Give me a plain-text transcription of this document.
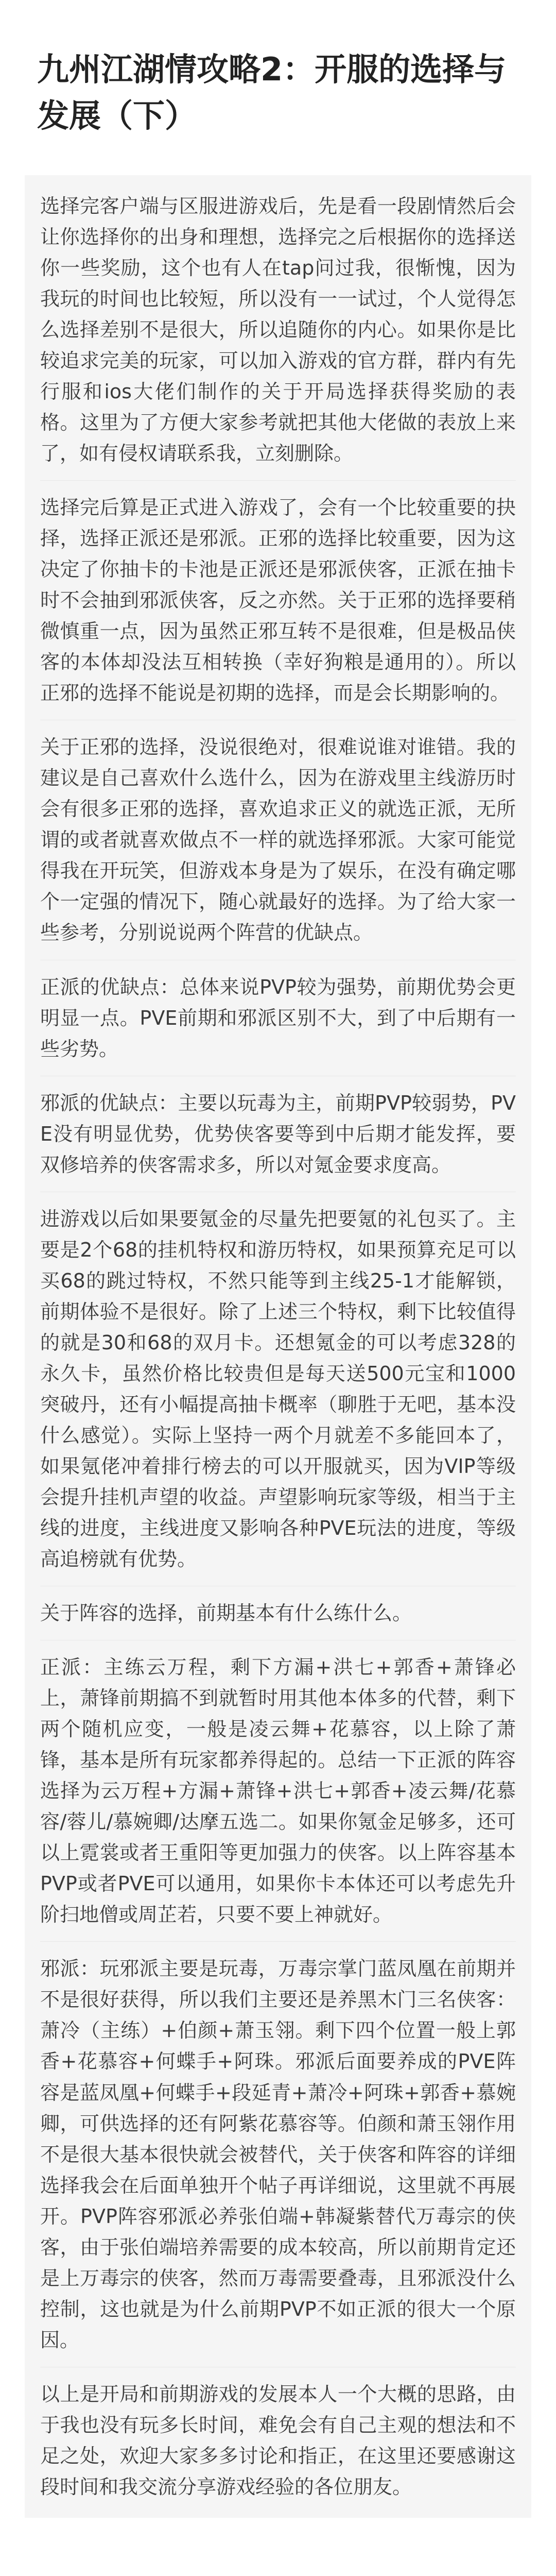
九州江湖情攻略2：开服的选择与发展（下）

选择完客户端与区服进游戏后，先是看一段剧情然后会让你选择你的出身和理想，选择完之后根据你的选择送你一些奖励，这个也有人在tap问过我，很惭愧，因为我玩的时间也比较短，所以没有一一试过，个人觉得怎么选择差别不是很大，所以追随你的内心。如果你是比较追求完美的玩家，可以加入游戏的官方群，群内有先行服和ios大佬们制作的关于开局选择获得奖励的表格。这里为了方便大家参考就把其他大佬做的表放上来了，如有侵权请联系我，立刻删除。

选择完后算是正式进入游戏了，会有一个比较重要的抉择，选择正派还是邪派。正邪的选择比较重要，因为这决定了你抽卡的卡池是正派还是邪派侠客，正派在抽卡时不会抽到邪派侠客，反之亦然。关于正邪的选择要稍微慎重一点，因为虽然正邪互转不是很难，但是极品侠客的本体却没法互相转换（幸好狗粮是通用的）。所以正邪的选择不能说是初期的选择，而是会长期影响的。

关于正邪的选择，没说很绝对，很难说谁对谁错。我的建议是自己喜欢什么选什么，因为在游戏里主线游历时会有很多正邪的选择，喜欢追求正义的就选正派，无所谓的或者就喜欢做点不一样的就选择邪派。大家可能觉得我在开玩笑，但游戏本身是为了娱乐，在没有确定哪个一定强的情况下，随心就最好的选择。为了给大家一些参考，分别说说两个阵营的优缺点。

正派的优缺点：总体来说PVP较为强势，前期优势会更明显一点。PVE前期和邪派区别不大，到了中后期有一些劣势。

邪派的优缺点：主要以玩毒为主，前期PVP较弱势，PVE没有明显优势，优势侠客要等到中后期才能发挥，要双修培养的侠客需求多，所以对氪金要求度高。

进游戏以后如果要氪金的尽量先把要氪的礼包买了。主要是2个68的挂机特权和游历特权，如果预算充足可以买68的跳过特权，不然只能等到主线25-1才能解锁，前期体验不是很好。除了上述三个特权，剩下比较值得的就是30和68的双月卡。还想氪金的可以考虑328的永久卡，虽然价格比较贵但是每天送500元宝和1000突破丹，还有小幅提高抽卡概率（聊胜于无吧，基本没什么感觉）。实际上坚持一两个月就差不多能回本了，如果氪佬冲着排行榜去的可以开服就买，因为VIP等级会提升挂机声望的收益。声望影响玩家等级，相当于主线的进度，主线进度又影响各种PVE玩法的进度，等级高追榜就有优势。

关于阵容的选择，前期基本有什么练什么。

正派：主练云万程，剩下方漏+洪七+郭香+萧锋必上，萧锋前期搞不到就暂时用其他本体多的代替，剩下两个随机应变，一般是凌云舞+花慕容，以上除了萧锋，基本是所有玩家都养得起的。总结一下正派的阵容选择为云万程+方漏+萧锋+洪七+郭香+凌云舞/花慕容/蓉儿/慕婉卿/达摩五选二。如果你氪金足够多，还可以上霓裳或者王重阳等更加强力的侠客。以上阵容基本PVP或者PVE可以通用，如果你卡本体还可以考虑先升阶扫地僧或周芷若，只要不要上神就好。

邪派：玩邪派主要是玩毒，万毒宗掌门蓝凤凰在前期并不是很好获得，所以我们主要还是养黑木门三名侠客：萧冷（主练）+伯颜+萧玉翎。剩下四个位置一般上郭香+花慕容+何蝶手+阿珠。邪派后面要养成的PVE阵容是蓝凤凰+何蝶手+段延青+萧冷+阿珠+郭香+慕婉卿，可供选择的还有阿紫花慕容等。伯颜和萧玉翎作用不是很大基本很快就会被替代，关于侠客和阵容的详细选择我会在后面单独开个帖子再详细说，这里就不再展开。PVP阵容邪派必养张伯端+韩凝紫替代万毒宗的侠客，由于张伯端培养需要的成本较高，所以前期肯定还是上万毒宗的侠客，然而万毒需要叠毒，且邪派没什么控制，这也就是为什么前期PVP不如正派的很大一个原因。

以上是开局和前期游戏的发展本人一个大概的思路，由于我也没有玩多长时间，难免会有自己主观的想法和不足之处，欢迎大家多多讨论和指正，在这里还要感谢这段时间和我交流分享游戏经验的各位朋友。
